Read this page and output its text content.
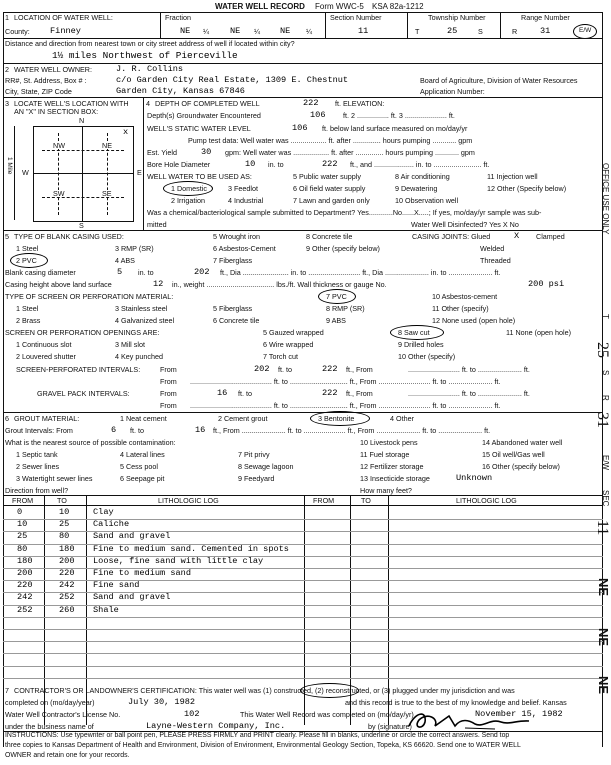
WATER WELL RECORD Form WWC-5 KSA 82a-1212
1 LOCATION OF WATER WELL:	Fraction	Section Number	Township Number	Range Number
County: Finney	NE ¼ NE ¼ NE ¼	11	T	25	S	R	31	E/W
Distance and direction from nearest town or city street address of well if located within city?
1½ miles Northwest of Pierceville
2 WATER WELL OWNER:	J. R. Collins
RR#, St. Address, Box # :	c/o Garden City Real Estate, 1309 E. Chestnut	Board of Agriculture, Division of Water Resources
City, State, ZIP Code	Garden City, Kansas 67846	Application Number:
3 LOCATE WELL'S LOCATION WITH AN "X" IN SECTION BOX:
N
S
W	E
NW	NE
SW	SE
x
1 Mile
4 DEPTH OF COMPLETED WELL	222 ft. ELEVATION:
Depth(s) Groundwater Encountered	106 ft. 2 ................ ft. 3 ..................... ft.
WELL'S STATIC WATER LEVEL	106 ft. below land surface measured on mo/day/yr
Pump test data: Well water was .................. ft. after .............. hours pumping ............ gpm
Est. Yield	30 gpm: Well water was .................. ft. after .............. hours pumping ............ gpm
Bore Hole Diameter	10 in. to	222 ft., and .................... in. to ........................ ft.
WELL WATER TO BE USED AS:
1 Domestic	3 Feedlot
5 Public water supply
6 Oil field water supply
7 Lawn and garden only
8 Air conditioning
9 Dewatering
10 Observation well
11 Injection well
12 Other (Specify below)
2 Irrigation	4 Industrial
Was a chemical/bacteriological sample submitted to Department? Yes............No......X.....; If yes, mo/day/yr sample was sub-
mitted	Water Well Disinfected? Yes X No
5 TYPE OF BLANK CASING USED:	5 Wrought iron	8 Concrete tile	CASING JOINTS: Glued	X Clamped
1 Steel	3 RMP (SR)	6 Asbestos-Cement	9 Other (specify below)	Welded
2 PVC	4 ABS	7 Fiberglass	Threaded
Blank casing diameter	5 in. to	202 ft., Dia ....................... in. to .......................... ft., Dia ...................... in. to ...................... ft.
Casing height above land surface	12 in., weight .................................. lbs./ft. Wall thickness or gauge No.	200 psi
TYPE OF SCREEN OR PERFORATION MATERIAL:	7 PVC	10 Asbestos-cement
1 Steel	3 Stainless steel	5 Fiberglass	8 RMP (SR)	11 Other (specify)
2 Brass	4 Galvanized steel	6 Concrete tile	9 ABS	12 None used (open hole)
SCREEN OR PERFORATION OPENINGS ARE:	5 Gauzed wrapped	8 Saw cut	11 None (open hole)
1 Continuous slot	3 Mill slot	6 Wire wrapped	9 Drilled holes
2 Louvered shutter	4 Key punched	7 Torch cut	10 Other (specify)
SCREEN-PERFORATED INTERVALS:	From	202 ft. to	222 ft., From	.......................... ft. to ...................... ft.
From ......................................... ft. to ............................. ft., From .......................... ft. to ...................... ft.
GRAVEL PACK INTERVALS:	From	16 ft. to	222 ft., From	.......................... ft. to ...................... ft.
From ......................................... ft. to ............................. ft., From .......................... ft. to ...................... ft.
6 GROUT MATERIAL:	1 Neat cement	2 Cement grout	3 Bentonite	4 Other
Grout Intervals: From	6 ft. to	16 ft., From ...................... ft. to ..................... ft., From ...................... ft. to ...................... ft.
What is the nearest source of possible contamination:	10 Livestock pens	14 Abandoned water well
1 Septic tank	4 Lateral lines	7 Pit privy	11 Fuel storage	15 Oil well/Gas well
2 Sewer lines	5 Cess pool	8 Sewage lagoon	12 Fertilizer storage	16 Other (specify below)
3 Watertight sewer lines	6 Seepage pit	9 Feedyard	13 Insecticide storage	Unknown
Direction from well?	How many feet?
FROM	TO	LITHOLOGIC LOG	FROM	TO	LITHOLOGIC LOG
0	10	Clay
10	25	Caliche
25	80	Sand and gravel
80	180 Fine to medium sand. Cemented in spots
180	200 Loose, fine sand with little clay
200	220 Fine to medium sand
220	242 Fine sand
242	252 Sand and gravel
252	260 Shale
7 CONTRACTOR'S OR LANDOWNER'S CERTIFICATION: This water well was (1) constructed, (2) reconstructed, or (3) plugged under my jurisdiction and was
completed on (mo/day/year)	July 30, 1982	and this record is true to the best of my knowledge and belief. Kansas
Water Well Contractor's License No.	102	This Water Well Record was completed on (mo/day/yr)	November 15, 1982
under the business name of	Layne-Western Company, Inc.	by (signature)
INSTRUCTIONS: Use typewriter or ball point pen, PLEASE PRESS FIRMLY and PRINT clearly. Please fill in blanks, underline or circle the correct answers. Send top
three copies to Kansas Department of Health and Environment, Division of Environment, Environmental Geology Section, Topeka, KS 66620. Send one to WATER WELL
OWNER and retain one for your records.
OFFICE USE ONLY
T
25
S
R
31
E/W
SEC
11
NE
NE
NE
